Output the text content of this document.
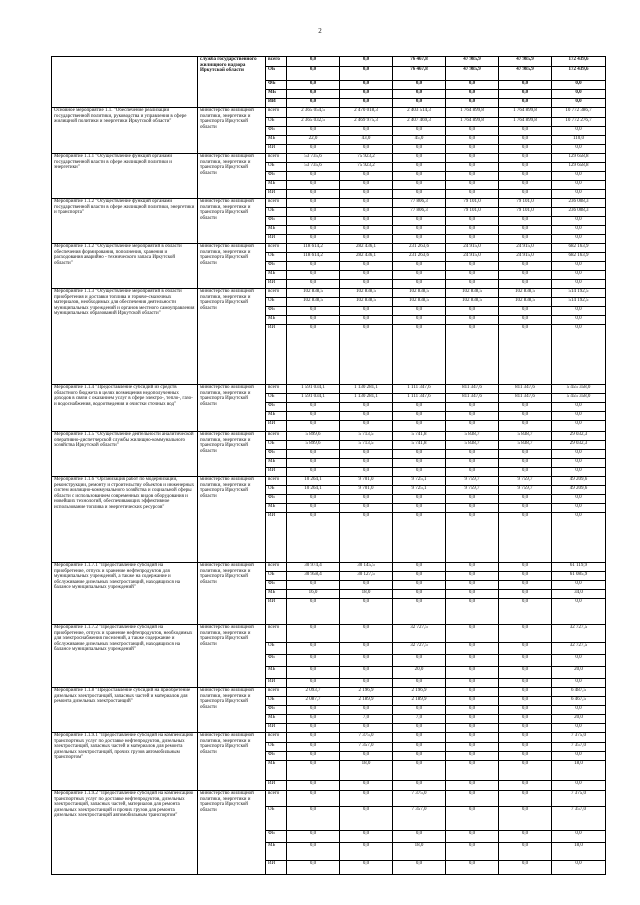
2
	служба государственного жилищного надзора Иркутской области	всего	0,0	0,0	76 467,8	47 985,9	47 985,9	172 439,6
		ОБ	0,0	0,0	76 467,8	47 985,9	47 985,9	172 439,6
		ФБ	0,0	0,0	0,0	0,0	0,0	0,0
		МБ	0,0	0,0	0,0	0,0	0,0	0,0
		ИИ	0,0	0,0	0,0	0,0	0,0	0,0
Основное мероприятие 1.1. "Обеспечение реализации государственной политики, руководства и управления в сфере жилищной политики и энергетики Иркутской области"	министерство жилищной политики, энергетики и транспорта Иркутской области	всего	2 365 054,5	2 470 018,3	2 403 514,3	1 764 899,8	1 764 899,8	10 772 386,7
		ОБ	2 365 032,5	2 469 975,3	2 407 469,3	1 764 899,8	1 764 899,8	10 772 276,7
		ФБ	0,0	0,0	0,0	0,0	0,0	0,0
		МБ	22,0	43,0	45,0	0,0	0,0	110,0
		ИИ	0,0	0,0	0,0	0,0	0,0	0,0
Мероприятие 1.1.1 "Осуществление функций органами государственной власти в сфере жилищной политики и энергетики"	министерство жилищной политики, энергетики и транспорта Иркутской области	всего	53 735,6	75 923,2	0,0	0,0	0,0	129 658,8
		ОБ	53 735,6	75 923,2	0,0	0,0	0,0	129 658,8
		ФБ	0,0	0,0	0,0	0,0	0,0	0,0
		МБ	0,0	0,0	0,0	0,0	0,0	0,0
		ИИ	0,0	0,0	0,0	0,0	0,0	0,0
Мероприятие 1.1.2 "Осуществление функций органами государственной власти в сфере жилищной политики, энергетики и транспорта"	министерство жилищной политики, энергетики и транспорта Иркутской области	всего	0,0	0,0	77 806,3	79 101,0	79 101,0	236 008,3
		ОБ	0,0	0,0	77 806,3	79 101,0	79 101,0	236 008,3
		ФБ	0,0	0,0	0,0	0,0	0,0	0,0
		МБ	0,0	0,0	0,0	0,0	0,0	0,0
		ИИ	0,0	0,0	0,0	0,0	0,0	0,0
Мероприятие 1.1.2 "Осуществление мероприятий в области обеспечения формирования, пополнения, хранения и расходования аварийно - технического запаса Иркутской области"	министерство жилищной политики, энергетики и транспорта Иркутской области	всего	118 614,2	282 436,1	231 263,6	24 915,0	24 915,0	682 163,9
		ОБ	118 614,2	282 436,1	231 263,6	24 915,0	24 915,0	682 163,9
		ФБ	0,0	0,0	0,0	0,0	0,0	0,0
		МБ	0,0	0,0	0,0	0,0	0,0	0,0
		ИИ	0,0	0,0	0,0	0,0	0,0	0,0
Мероприятие 1.1.3 "Осуществление мероприятий в области приобретения и доставки топлива и горюче-смазочных материалов, необходимых для обеспечения деятельности муниципальных учреждений и органов местного самоуправления муниципальных образований Иркутской области"	министерство жилищной политики, энергетики и транспорта Иркутской области	всего	102 838,5	102 838,5	102 838,5	102 838,5	102 838,5	514 192,5
		ОБ	102 838,5	102 838,5	102 838,5	102 838,5	102 838,5	514 192,5
		ФБ	0,0	0,0	0,0	0,0	0,0	0,0
		МБ	0,0	0,0	0,0	0,0	0,0	0,0
		ИИ	0,0	0,0	0,0	0,0	0,0	0,0
Мероприятие 1.1.4 "Предоставление субсидий из средств областного бюджета в целях возмещения недополученных доходов в связи с оказанием услуг в сфере электро-, тепло-, газо- и водоснабжения, водоотведения и очистки сточных вод"	министерство жилищной политики, энергетики и транспорта Иркутской области	всего	1 591 034,1	1 130 281,1	1 111 347,6	811 347,6	811 347,6	5 455 358,0
		ОБ	1 591 034,1	1 130 281,1	1 111 347,6	811 347,6	811 347,6	5 455 358,0
		ФБ	0,0	0,0	0,0	0,0	0,0	0,0
		МБ	0,0	0,0	0,0	0,0	0,0	0,0
		ИИ	0,0	0,0	0,0	0,0	0,0	0,0
Мероприятие 1.1.5 "Осуществление деятельности аналитической оперативно-диспетчерской службы жилищно-коммунального хозяйства Иркутской области"	министерство жилищной политики, энергетики и транспорта Иркутской области	всего	5 899,6	5 713,5	5 741,8	5 838,7	5 838,7	29 032,3
		ОБ	5 899,6	5 713,5	5 741,8	5 838,7	5 838,7	29 032,3
		ФБ	0,0	0,0	0,0	0,0	0,0	0,0
		МБ	0,0	0,0	0,0	0,0	0,0	0,0
		ИИ	0,0	0,0	0,0	0,0	0,0	0,0
Мероприятие 1.1.6 "Организация работ по модернизации, реконструкции, ремонту и строительству объектов и инженерных систем жилищно-коммунального хозяйства и социальной сферы области с использованием современных видов оборудования и новейших технологий, обеспечивающих эффективное использование топлива и энергетических ресурсов"	министерство жилищной политики, энергетики и транспорта Иркутской области	всего	10 264,1	9 701,0	9 725,1	9 759,7	9 759,7	49 209,6
		ОБ	10 264,1	9 701,0	9 725,1	9 759,7	9 759,7	49 209,6
		ФБ	0,0	0,0	0,0	0,0	0,0	0,0
		МБ	0,0	0,0	0,0	0,0	0,0	0,0
		ИИ	0,0	0,0	0,0	0,0	0,0	0,0
Мероприятие 1.1.7.1 "Предоставление субсидий на приобретение, отпуск и хранение нефтепродуктов для муниципальных учреждений, а также на содержание и обслуживание дизельных электростанций, находящихся на балансе муниципальных учреждений"	министерство жилищной политики, энергетики и транспорта Иркутской области	всего	30 974,4	30 145,5	0,0	0,0	0,0	61 119,9
		ОБ	30 958,4	30 127,5	0,0	0,0	0,0	61 085,9
		ФБ	0,0	0,0	0,0	0,0	0,0	0,0
		МБ	16,0	18,0	0,0	0,0	0,0	34,0
		ИИ	0,0	0,0	0,0	0,0	0,0	0,0
Мероприятие 1.1.7.2 "Предоставление субсидий на приобретение, отпуск и хранение нефтепродуктов, необходимых для электроснабжения поселений, а также содержание и обслуживание дизельных электростанций, находящихся на балансе муниципальных учреждений"	министерство жилищной политики, энергетики и транспорта Иркутской области	всего	0,0	0,0	32 727,5	0,0	0,0	32 727,5
		ОБ	0,0	0,0	32 727,5	0,0	0,0	32 727,5
		ФБ	0,0	0,0	0,0	0,0	0,0	0,0
		МБ	0,0	0,0	20,0	0,0	0,0	20,0
		ИИ	0,0	0,0	0,0	0,0	0,0	0,0
Мероприятие 1.1.8 "Предоставление субсидий на приобретение дизельных электростанций, запасных частей и материалов для ремонта дизельных электростанций"	министерство жилищной политики, энергетики и транспорта Иркутской области	всего	2 093,7	2 196,9	2 196,9	0,0	0,0	6 487,5
		ОБ	2 087,7	2 189,9	2 189,9	0,0	0,0	6 467,5
		ФБ	0,0	0,0	0,0	0,0	0,0	0,0
		МБ	6,0	7,0	7,0	0,0	0,0	20,0
		ИИ	0,0	0,0	0,0	0,0	0,0	0,0
Мероприятие 1.1.9.1 "Предоставление субсидий на компенсацию транспортных услуг по доставке нефтепродуктов, дизельных электростанций, запасных частей и материалов для ремонта дизельных электростанций, прочих грузов автомобильным транспортом"	министерство жилищной политики, энергетики и транспорта Иркутской области	всего	0,0	7 375,0	0,0	0,0	0,0	7 375,0
		ОБ	0,0	7 357,0	0,0	0,0	0,0	7 357,0
		ФБ	0,0	0,0	0,0	0,0	0,0	0,0
		МБ	0,0	18,0	0,0	0,0	0,0	18,0
		ИИ	0,0	0,0	0,0	0,0	0,0	0,0
Мероприятие 1.1.9.2 "Предоставление субсидий на компенсацию транспортных услуг по доставке нефтепродуктов, дизельных электростанций, запасных частей, материалов для ремонта дизельных электростанций и прочих грузов для ремонта дизельных электростанций автомобильным транспортом"	министерство жилищной политики, энергетики и транспорта Иркутской области	всего	0,0	0,0	7 375,0	0,0	0,0	7 375,0
		ОБ	0,0	0,0	7 357,0	0,0	0,0	7 357,0
		ФБ	0,0	0,0	0,0	0,0	0,0	0,0
		МБ	0,0	0,0	18,0	0,0	0,0	18,0
		ИИ	0,0	0,0	0,0	0,0	0,0	0,0
